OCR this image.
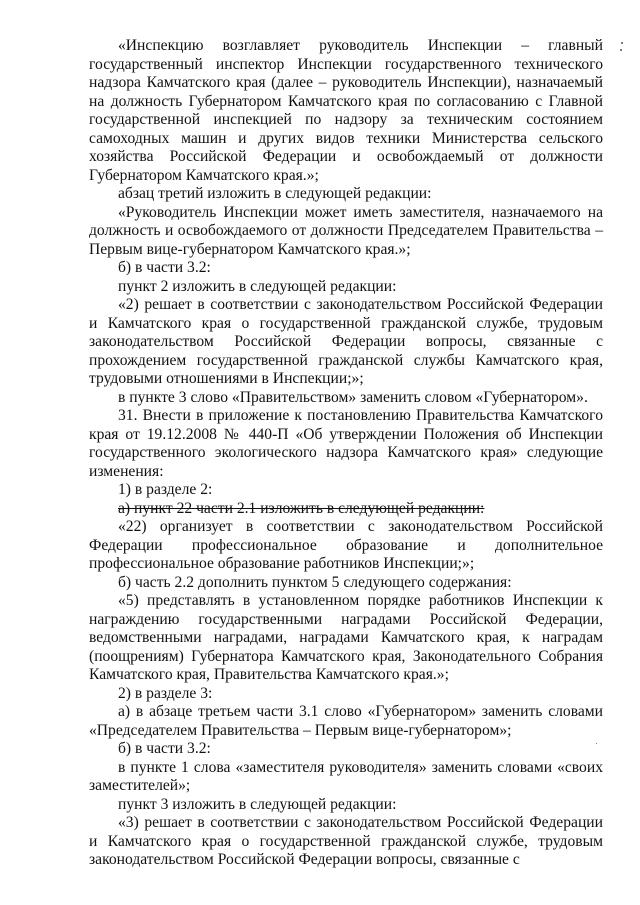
«Инспекцию возглавляет руководитель Инспекции – главный государственный инспектор Инспекции государственного технического надзора Камчатского края (далее – руководитель Инспекции), назначаемый на должность Губернатором Камчатского края по согласованию с Главной государственной инспекцией по надзору за техническим состоянием самоходных машин и других видов техники Министерства сельского хозяйства Российской Федерации и освобождаемый от должности Губернатором Камчатского края.»;

абзац третий изложить в следующей редакции:

«Руководитель Инспекции может иметь заместителя, назначаемого на должность и освобождаемого от должности Председателем Правительства – Первым вице-губернатором Камчатского края.»;

б) в части 3.2:

пункт 2 изложить в следующей редакции:

«2) решает в соответствии с законодательством Российской Федерации и Камчатского края о государственной гражданской службе, трудовым законодательством Российской Федерации вопросы, связанные с прохождением государственной гражданской службы Камчатского края, трудовыми отношениями в Инспекции;»;

в пункте 3 слово «Правительством» заменить словом «Губернатором».

31. Внести в приложение к постановлению Правительства Камчатского края от 19.12.2008 № 440-П «Об утверждении Положения об Инспекции государственного экологического надзора Камчатского края» следующие изменения:

1) в разделе 2:

а) пункт 22 части 2.1 изложить в следующей редакции:

«22) организует в соответствии с законодательством Российской Федерации профессиональное образование и дополнительное профессиональное образование работников Инспекции;»;

б) часть 2.2 дополнить пунктом 5 следующего содержания:

«5) представлять в установленном порядке работников Инспекции к награждению государственными наградами Российской Федерации, ведомственными наградами, наградами Камчатского края, к наградам (поощрениям) Губернатора Камчатского края, Законодательного Собрания Камчатского края, Правительства Камчатского края.»;

2) в разделе 3:

а) в абзаце третьем части 3.1 слово «Губернатором» заменить словами «Председателем Правительства – Первым вице-губернатором»;

б) в части 3.2:

в пункте 1 слова «заместителя руководителя» заменить словами «своих заместителей»;

пункт 3 изложить в следующей редакции:

«3) решает в соответствии с законодательством Российской Федерации и Камчатского края о государственной гражданской службе, трудовым законодательством Российской Федерации вопросы, связанные с
